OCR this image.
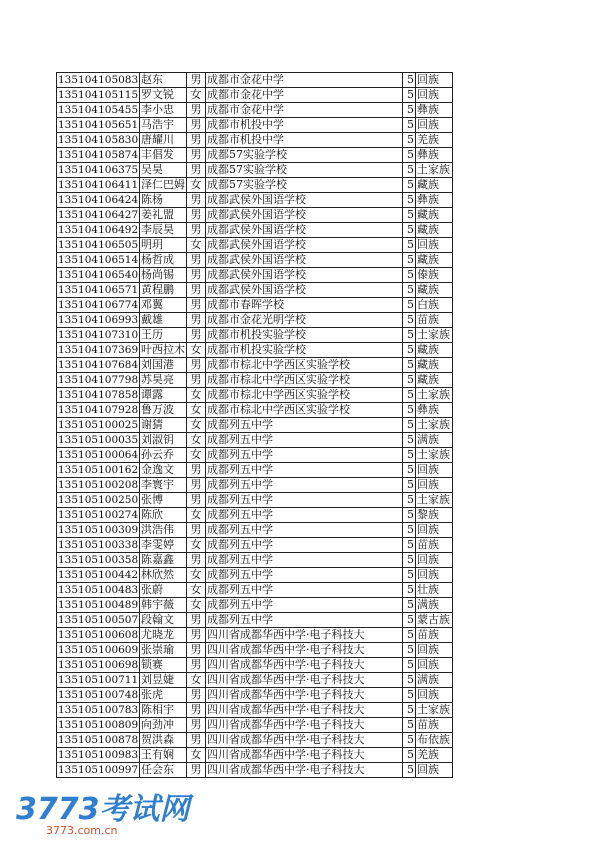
135104105083	赵东	男	成都市金花中学	5	回族
135104105115	罗文锐	女	成都市金花中学	5	回族
135104105455	李小忠	男	成都市金花中学	5	彝族
135104105651	马浩宇	男	成都市机投中学	5	回族
135104105830	唐耀川	男	成都市机投中学	5	羌族
135104105874	丰倡发	男	成都57实验学校	5	彝族
135104106375	吴昊	男	成都57实验学校	5	土家族
135104106411	泽仁巴姆	女	成都57实验学校	5	藏族
135104106424	陈杨	男	成都武侯外国语学校	5	彝族
135104106427	姜礼盟	男	成都武侯外国语学校	5	藏族
135104106492	李辰昊	男	成都武侯外国语学校	5	藏族
135104106505	明玥	女	成都武侯外国语学校	5	回族
135104106514	杨哲成	男	成都武侯外国语学校	5	藏族
135104106540	杨尚锡	男	成都武侯外国语学校	5	傣族
135104106571	黄程鹏	男	成都武侯外国语学校	5	藏族
135104106774	邓翼	男	成都市春晖学校	5	白族
135104106993	戴雄	男	成都市金花光明学校	5	苗族
135104107310	王历	男	成都市机投实验学校	5	土家族
135104107369	叶西拉木	女	成都市机投实验学校	5	藏族
135104107684	刘国港	男	成都市棕北中学西区实验学校	5	藏族
135104107798	苏昊亮	男	成都市棕北中学西区实验学校	5	藏族
135104107858	谭露	女	成都市棕北中学西区实验学校	5	土家族
135104107928	鲁万波	女	成都市棕北中学西区实验学校	5	彝族
135105100025	谢猜	女	成都列五中学	5	土家族
135105100035	刘淑钥	女	成都列五中学	5	满族
135105100064	孙云乔	女	成都列五中学	5	土家族
135105100162	金逸文	男	成都列五中学	5	回族
135105100208	李寰宇	男	成都列五中学	5	回族
135105100250	张博	男	成都列五中学	5	土家族
135105100274	陈欣	女	成都列五中学	5	黎族
135105100309	洪浩伟	男	成都列五中学	5	回族
135105100338	李雯婷	女	成都列五中学	5	苗族
135105100358	陈嘉鑫	男	成都列五中学	5	回族
135105100442	林欣然	女	成都列五中学	5	回族
135105100483	张蔚	女	成都列五中学	5	壮族
135105100489	韩宇薇	女	成都列五中学	5	满族
135105100507	段翰文	男	成都列五中学	5	蒙古族
135105100608	尤晓龙	男	四川省成都华西中学·电子科技大	5	苗族
135105100609	张崇瑜	男	四川省成都华西中学·电子科技大	5	回族
135105100698	锁赛	男	四川省成都华西中学·电子科技大	5	回族
135105100711	刘昱婕	女	四川省成都华西中学·电子科技大	5	满族
135105100748	张虎	男	四川省成都华西中学·电子科技大	5	回族
135105100783	陈相宇	男	四川省成都华西中学·电子科技大	5	土家族
135105100809	向劲冲	男	四川省成都华西中学·电子科技大	5	苗族
135105100878	贺洪森	男	四川省成都华西中学·电子科技大	5	布依族
135105100983	王有娴	女	四川省成都华西中学·电子科技大	5	羌族
135105100997	任会东	男	四川省成都华西中学·电子科技大	5	回族
3773考试网
3773.com.cn
